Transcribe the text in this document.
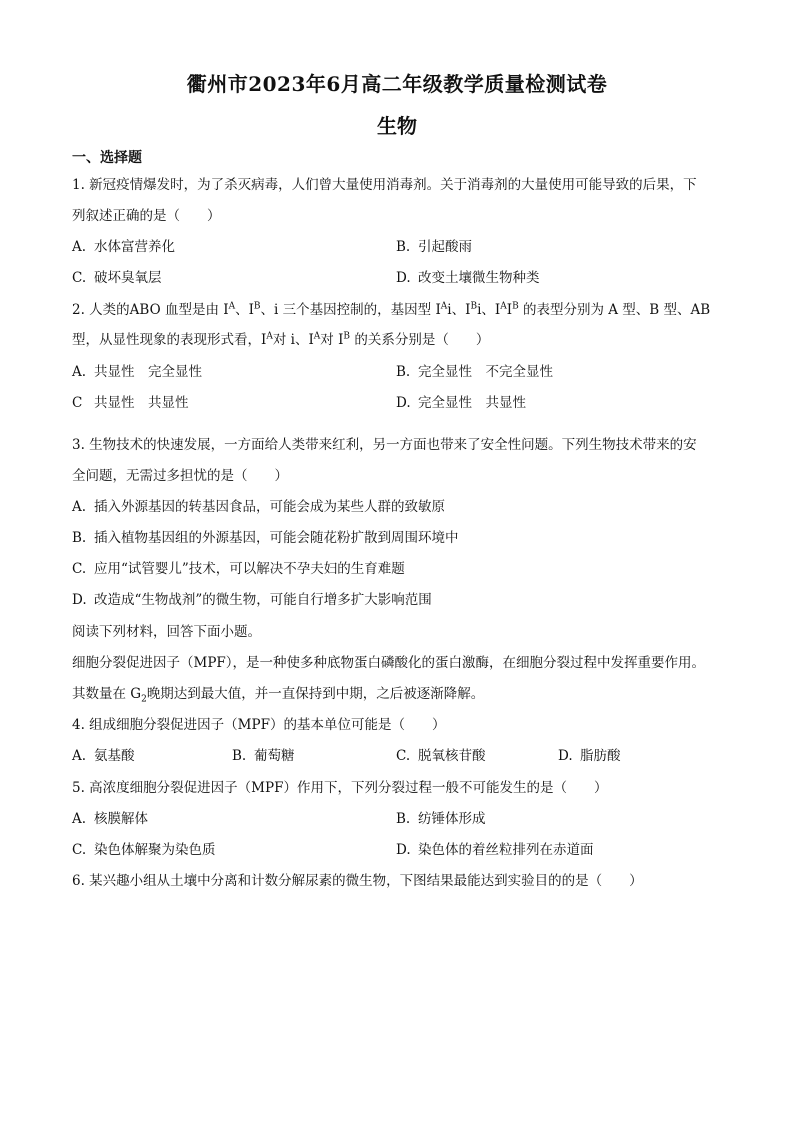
衢州市2023年6月高二年级教学质量检测试卷
生物
一、选择题
1. 新冠疫情爆发时，为了杀灭病毒，人们曾大量使用消毒剂。关于消毒剂的大量使用可能导致的后果，下
列叙述正确的是（　　）
A. 水体富营养化	B. 引起酸雨
C. 破坏臭氧层	D. 改变土壤微生物种类
2. 人类的ABO 血型是由 $I^A$、$I^B$、i 三个基因控制的，基因型 $I^Ai$、$I^Bi$、$I^AI^B$ 的表型分别为 A 型、B 型、AB
型，从显性现象的表现形式看，$I^A$对 i、$I^A$对 $I^B$ 的关系分别是（　　）
A. 共显性　完全显性	B. 完全显性　不完全显性
C 共显性　共显性	D. 完全显性　共显性
3. 生物技术的快速发展，一方面给人类带来红利，另一方面也带来了安全性问题。下列生物技术带来的安
全问题，无需过多担忧的是（　　）
A. 插入外源基因的转基因食品，可能会成为某些人群的致敏原
B. 插入植物基因组的外源基因，可能会随花粉扩散到周围环境中
C. 应用“试管婴儿”技术，可以解决不孕夫妇的生育难题
D. 改造成“生物战剂”的微生物，可能自行增多扩大影响范围
阅读下列材料，回答下面小题。
细胞分裂促进因子（MPF），是一种使多种底物蛋白磷酸化的蛋白激酶，在细胞分裂过程中发挥重要作用。
其数量在 $G_2$晚期达到最大值，并一直保持到中期，之后被逐渐降解。
4. 组成细胞分裂促进因子（MPF）的基本单位可能是（　　）
A. 氨基酸	B. 葡萄糖	C. 脱氧核苷酸	D. 脂肪酸
5. 高浓度细胞分裂促进因子（MPF）作用下，下列分裂过程一般不可能发生的是（　　）
A. 核膜解体	B. 纺锤体形成
C. 染色体解聚为染色质	D. 染色体的着丝粒排列在赤道面
6. 某兴趣小组从土壤中分离和计数分解尿素的微生物，下图结果最能达到实验目的的是（　　）
